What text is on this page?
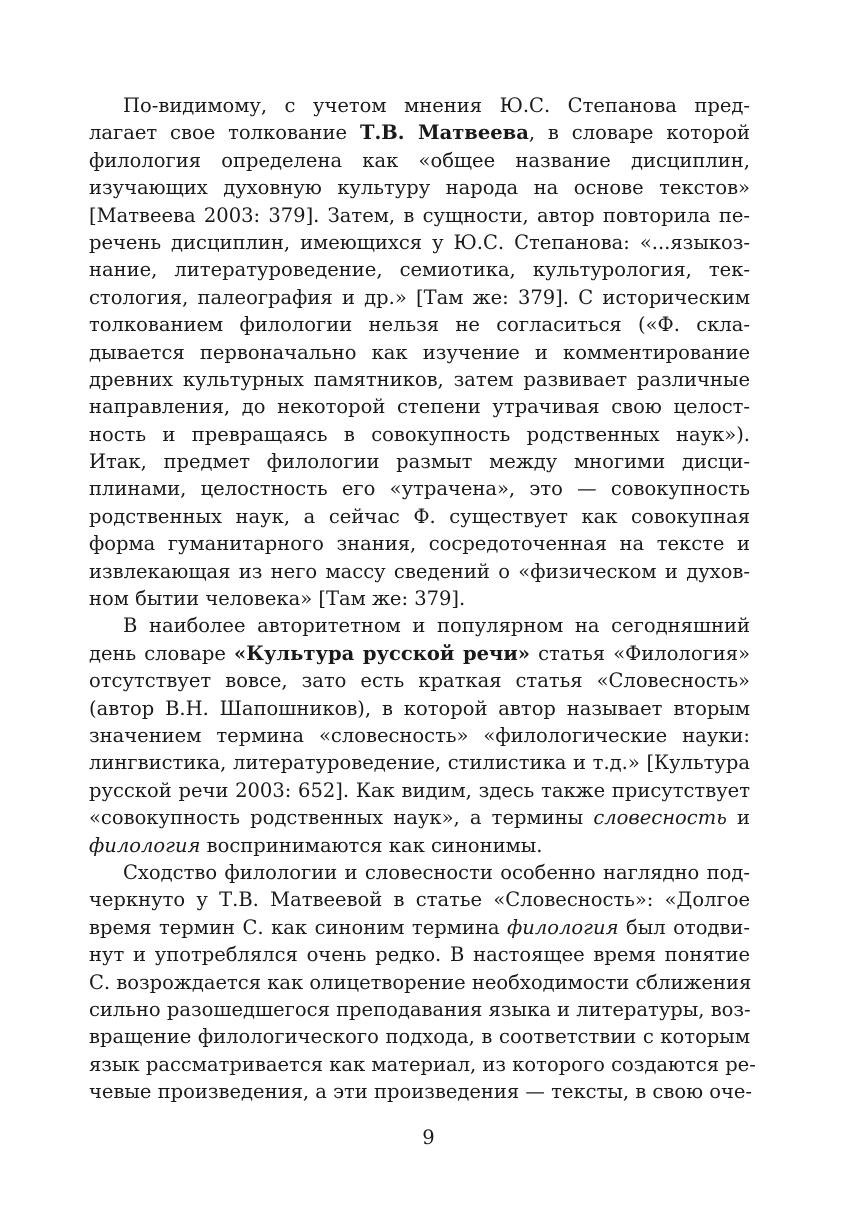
По-видимому, с учетом мнения Ю.С. Степанова пред-
лагает свое толкование Т.В. Матвеева, в словаре которой
филология определена как «общее название дисциплин,
изучающих духовную культуру народа на основе текстов»
[Матвеева 2003: 379]. Затем, в сущности, автор повторила пе-
речень дисциплин, имеющихся у Ю.С. Степанова: «...языкоз-
нание, литературоведение, семиотика, культурология, тек-
стология, палеография и др.» [Там же: 379]. С историческим
толкованием филологии нельзя не согласиться («Ф. скла-
дывается первоначально как изучение и комментирование
древних культурных памятников, затем развивает различные
направления, до некоторой степени утрачивая свою целост-
ность и превращаясь в совокупность родственных наук»).
Итак, предмет филологии размыт между многими дисци-
плинами, целостность его «утрачена», это — совокупность
родственных наук, а сейчас Ф. существует как совокупная
форма гуманитарного знания, сосредоточенная на тексте и
извлекающая из него массу сведений о «физическом и духов-
ном бытии человека» [Там же: 379].
В наиболее авторитетном и популярном на сегодняшний
день словаре «Культура русской речи» статья «Филология»
отсутствует вовсе, зато есть краткая статья «Словесность»
(автор В.Н. Шапошников), в которой автор называет вторым
значением термина «словесность» «филологические науки:
лингвистика, литературоведение, стилистика и т.д.» [Культура
русской речи 2003: 652]. Как видим, здесь также присутствует
«совокупность родственных наук», а термины словесность и
филология воспринимаются как синонимы.
Сходство филологии и словесности особенно наглядно под-
черкнуто у Т.В. Матвеевой в статье «Словесность»: «Долгое
время термин С. как синоним термина филология был отодви-
нут и употреблялся очень редко. В настоящее время понятие
С. возрождается как олицетворение необходимости сближения
сильно разошедшегося преподавания языка и литературы, воз-
вращение филологического подхода, в соответствии с которым
язык рассматривается как материал, из которого создаются ре-
чевые произведения, а эти произведения — тексты, в свою оче-
9
